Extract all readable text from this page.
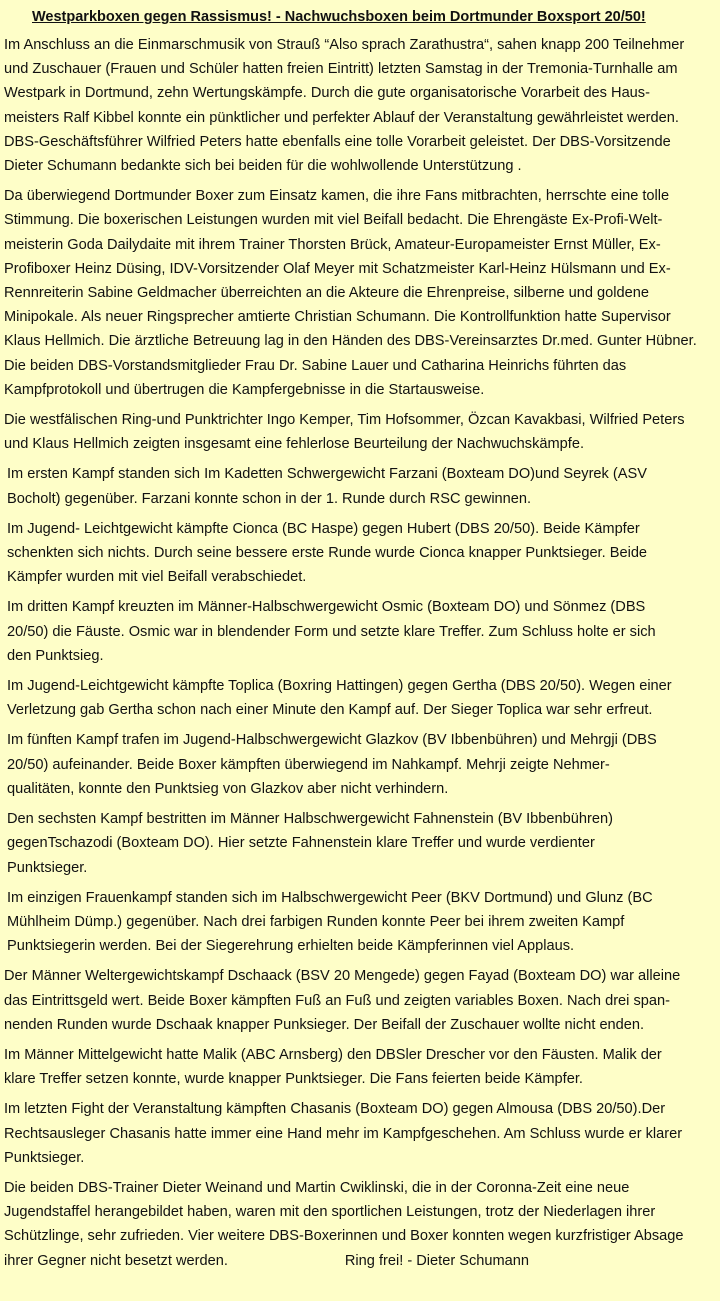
Westparkboxen gegen Rassismus! - Nachwuchsboxen beim Dortmunder Boxsport 20/50!
Im Anschluss an die Einmarschmusik von Strauß “Also sprach Zarathustra“, sahen knapp 200 Teilnehmer
und Zuschauer (Frauen und Schüler hatten freien Eintritt) letzten Samstag in der Tremonia-Turnhalle am
Westpark in Dortmund, zehn Wertungskämpfe. Durch die gute organisatorische Vorarbeit des Haus-
meisters Ralf Kibbel konnte ein pünktlicher und perfekter Ablauf der Veranstaltung gewährleistet werden.
DBS-Geschäftsführer Wilfried Peters hatte ebenfalls eine tolle Vorarbeit geleistet. Der DBS-Vorsitzende
Dieter Schumann bedankte sich bei beiden für die wohlwollende Unterstützung .
Da überwiegend Dortmunder Boxer zum Einsatz kamen, die ihre Fans mitbrachten, herrschte eine tolle
Stimmung. Die boxerischen Leistungen wurden mit viel Beifall bedacht. Die Ehrengäste Ex-Profi-Welt-
meisterin Goda Dailydaite mit ihrem Trainer Thorsten Brück, Amateur-Europameister Ernst Müller, Ex-
Profiboxer Heinz Düsing, IDV-Vorsitzender Olaf Meyer mit Schatzmeister Karl-Heinz Hülsmann und Ex-
Rennreiterin Sabine Geldmacher überreichten an die Akteure die Ehrenpreise, silberne und goldene
Minipokale. Als neuer Ringsprecher amtierte Christian Schumann. Die Kontrollfunktion hatte Supervisor
Klaus Hellmich. Die ärztliche Betreuung lag in den Händen des DBS-Vereinsarztes Dr.med. Gunter Hübner.
Die beiden DBS-Vorstandsmitglieder Frau Dr. Sabine Lauer und Catharina Heinrichs führten das
Kampfprotokoll und übertrugen die Kampfergebnisse in die Startausweise.
Die westfälischen Ring-und Punktrichter Ingo Kemper, Tim Hofsommer, Özcan Kavakbasi, Wilfried Peters
und Klaus Hellmich zeigten insgesamt eine fehlerlose Beurteilung der Nachwuchskämpfe.
Im ersten Kampf standen sich Im Kadetten Schwergewicht Farzani (Boxteam DO)und Seyrek (ASV
Bocholt) gegenüber. Farzani konnte schon in der 1. Runde durch RSC gewinnen.
Im Jugend- Leichtgewicht kämpfte Cionca (BC Haspe) gegen Hubert (DBS 20/50). Beide Kämpfer
schenkten sich nichts. Durch seine bessere erste Runde wurde Cionca knapper Punktsieger. Beide
Kämpfer wurden mit viel Beifall verabschiedet.
Im dritten Kampf kreuzten im Männer-Halbschwergewicht Osmic (Boxteam DO) und Sönmez (DBS
20/50) die Fäuste. Osmic war in blendender Form und setzte klare Treffer. Zum Schluss holte er sich
den Punktsieg.
Im Jugend-Leichtgewicht kämpfte Toplica (Boxring Hattingen) gegen Gertha (DBS 20/50). Wegen einer
Verletzung gab Gertha schon nach einer Minute den Kampf auf. Der Sieger Toplica war sehr erfreut.
Im fünften Kampf trafen im Jugend-Halbschwergewicht Glazkov (BV Ibbenbühren) und Mehrgji (DBS
20/50) aufeinander. Beide Boxer kämpften überwiegend im Nahkampf. Mehrji zeigte Nehmer-
qualitäten, konnte den Punktsieg von Glazkov aber nicht verhindern.
Den sechsten Kampf bestritten im Männer Halbschwergewicht Fahnenstein (BV Ibbenbühren)
gegenTschazodi (Boxteam DO). Hier setzte Fahnenstein klare Treffer und wurde verdienter
Punktsieger.
Im einzigen Frauenkampf standen sich im Halbschwergewicht Peer (BKV Dortmund) und Glunz (BC
Mühlheim Dümp.) gegenüber. Nach drei farbigen Runden konnte Peer bei ihrem zweiten Kampf
Punktsiegerin werden. Bei der Siegerehrung erhielten beide Kämpferinnen viel Applaus.
Der Männer Weltergewichtskampf Dschaack (BSV 20 Mengede) gegen Fayad (Boxteam DO) war alleine
das Eintrittsgeld wert. Beide Boxer kämpften Fuß an Fuß und zeigten variables Boxen. Nach drei span-
nenden Runden wurde Dschaak knapper Punksieger. Der Beifall der Zuschauer wollte nicht enden.
Im Männer Mittelgewicht hatte Malik (ABC Arnsberg) den DBSler Drescher vor den Fäusten. Malik der
klare Treffer setzen konnte, wurde knapper Punktsieger. Die Fans feierten beide Kämpfer.
Im letzten Fight der Veranstaltung kämpften Chasanis (Boxteam DO) gegen Almousa (DBS 20/50).Der
Rechtsausleger Chasanis hatte immer eine Hand mehr im Kampfgeschehen. Am Schluss wurde er klarer
Punktsieger.
Die beiden DBS-Trainer Dieter Weinand und Martin Cwiklinski, die in der Coronna-Zeit eine neue
Jugendstaffel herangebildet haben, waren mit den sportlichen Leistungen, trotz der Niederlagen ihrer
Schützlinge, sehr zufrieden. Vier weitere DBS-Boxerinnen und Boxer konnten wegen kurzfristiger Absage
ihrer Gegner nicht besetzt werden.	Ring frei! - Dieter Schumann
